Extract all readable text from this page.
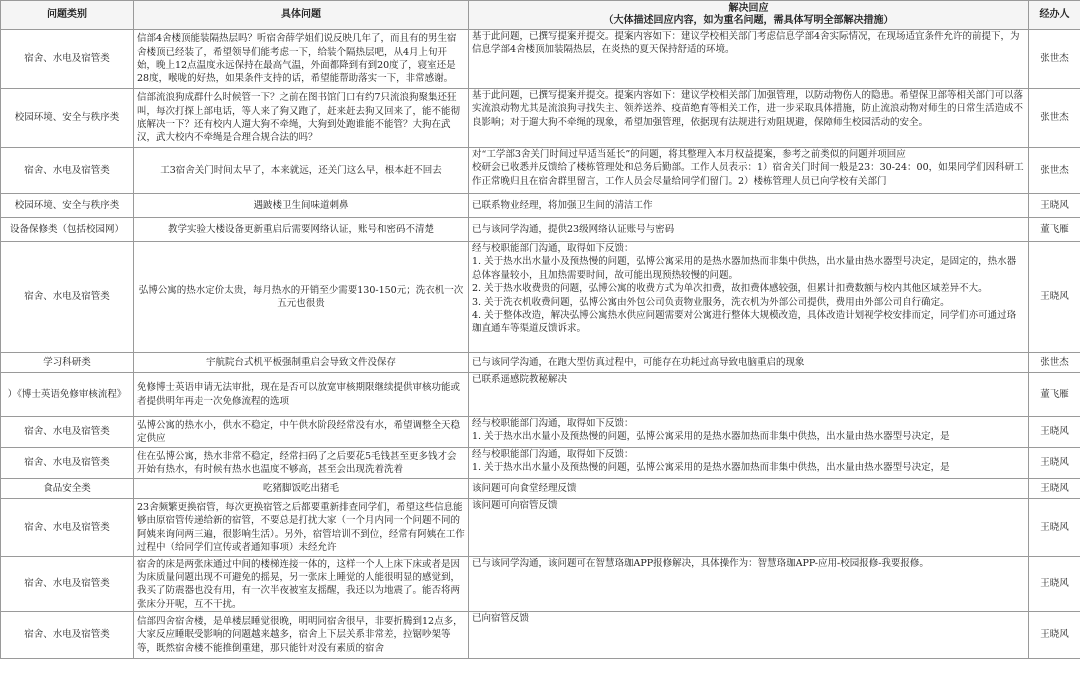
问题类别	具体问题	解决回应
（大体描述回应内容，如为重名问题，需具体写明全部解决措施）	经办人
宿舍、水电及宿管类	信部4舍楼顶能装隔热层吗？听宿舍薛学姐们说反映几年了，而且有的男生宿舍楼顶已经装了，希望领导们能考虑一下，给装个隔热层吧，从4月上旬开始，晚上12点温度永远保持在最高气温，外面都降到有到20度了，寝室还是28度，喉咙的好热，如果条件支持的话，希望能帮助落实一下，非常感谢。	基于此问题，已撰写提案并提交。提案内容如下：建议学校相关部门考虑信息学部4舍实际情况，在现场适宜条件允许的前提下，为信息学部4舍楼顶加装隔热层，在炎热的夏天保持舒适的环境。	张世杰
校园环境、安全与秩序类	信部流浪狗成群什么时候管一下？之前在图书馆门口有约7只流浪狗聚集还狂叫，每次打探上部电话，等人来了狗又跑了，赶来赶去狗又回来了，能不能彻底解决一下？还有校内人遛大狗不牵绳，大狗到处跑谁能不能管？大狗在武汉，武大校内不牵绳是合理合规合法的吗？	基于此问题，已撰写提案并提交。提案内容如下：建议学校相关部门加强管理，以防动物伤人的隐患。希望保卫部等相关部门可以落实流浪动物尤其是流浪狗寻找失主、领养送养、疫苗绝育等相关工作，进一步采取具体措施，防止流浪动物对师生的日常生活造成不良影响；对于遛大狗不牵绳的现象，希望加强管理，依据现有法规进行劝阻规避，保障师生校园活动的安全。	张世杰
宿舍、水电及宿管类	工3宿舍关门时间太早了，本来就远，还关门这么早，根本赶不回去	对“工学部3舍关门时间过早适当延长”的问题，将其整理入本月权益提案，参考之前类似的问题并项回应
校研会已收悉并反馈给了楼栋管理处和总务后勤部。工作人员表示：1）宿舍关门时间一般是23：30-24：00，如果同学们因科研工作正常晚归且在宿舍群里留言，工作人员会尽量给同学们留门。2）楼栋管理人员已向学校有关部门	张世杰
校园环境、安全与秩序类	遇跛楼卫生间味道刺鼻	已联系物业经理，将加强卫生间的清洁工作	王晓风
设备保修类（包括校园网）	教学实验大楼设备更新重启后需要网络认证，账号和密码不清楚	已与该同学沟通，提供23级网络认证账号与密码	董飞雁
宿舍、水电及宿管类	弘博公寓的热水定价太贵，每月热水的开销至少需要130-150元；洗衣机一次五元也很贵	经与校职能部门沟通，取得如下反馈：
1. 关于热水出水量小及预热慢的问题，弘博公寓采用的是热水器加热而非集中供热，出水量由热水器型号决定，是固定的，热水器总体容量较小，且加热需要时间，故可能出现预热较慢的问题。
2. 关于热水收费贵的问题，弘博公寓的收费方式为单次扣费，故扣费体感较强，但累计扣费数额与校内其他区域差异不大。
3. 关于洗衣机收费问题，弘博公寓由外包公司负责物业服务，洗衣机为外部公司提供，费用由外部公司自行确定。
4. 关于整体改造，解决弘博公寓热水供应问题需要对公寓进行整体大规模改造，具体改造计划视学校安排而定，同学们亦可通过珞珈直通车等渠道反馈诉求。	王晓风
学习科研类	宇航院台式机平板强制重启会导致文件没保存	已与该同学沟通，在跑大型仿真过程中，可能存在功耗过高导致电脑重启的现象	张世杰
）《博士英语免修审核流程》	免修博士英语申请无法审批，现在是否可以放宽审核期限继续提供审核功能或者提供明年再走一次免修流程的选项	已联系遥感院教秘解决	董飞雁
宿舍、水电及宿管类	弘博公寓的热水小，供水不稳定，中午供水阶段经常没有水，希望调整全天稳定供应	经与校职能部门沟通，取得如下反馈：
1. 关于热水出水量小及预热慢的问题，弘博公寓采用的是热水器加热而非集中供热，出水量由热水器型号决定，是	王晓风
宿舍、水电及宿管类	住在弘博公寓，热水非常不稳定，经常扫码了之后要花5毛钱甚至更多钱才会开始有热水，有时候有热水也温度不够高，甚至会出现洗着洗着	经与校职能部门沟通，取得如下反馈：
1. 关于热水出水量小及预热慢的问题，弘博公寓采用的是热水器加热而非集中供热，出水量由热水器型号决定，是	王晓风
食品安全类	吃猪脚饭吃出猪毛	该问题可向食堂经理反馈	王晓风
宿舍、水电及宿管类	23舍频繁更换宿管，每次更换宿管之后都要重新排查同学们，希望这些信息能够由原宿管传递给新的宿管，不要总是打扰大家（一个月内同一个问题不同的阿姨来询问两三遍，很影响生活）。另外，宿管培训不到位，经常有阿姨在工作过程中（给同学们宣传或者通知事项）未经允许	该问题可向宿管反馈	王晓风
宿舍、水电及宿管类	宿舍的床是两张床通过中间的楼梯连接一体的，这样一个人上床下床或者是因为床质量问题出现不可避免的摇晃，另一张床上睡觉的人能很明显的感觉到，我买了防震器也没有用，有一次半夜被室友摇醒，我还以为地震了。能否将两张床分开呢，互不干扰。	已与该同学沟通，该问题可在智慧珞珈APP报修解决，具体操作为：智慧珞珈APP-应用-校园报修-我要报修。	王晓风
宿舍、水电及宿管类	信部四舍宿舍楼，是单楼层睡觉很晚，明明同宿舍很早，非要折腾到12点多，大家反应睡眠受影响的问题越来越多，宿舍上下层关系非常差，拉锯吵架等等，既然宿舍楼不能推倒重建，那只能针对没有素质的宿舍	已向宿管反馈	王晓风
